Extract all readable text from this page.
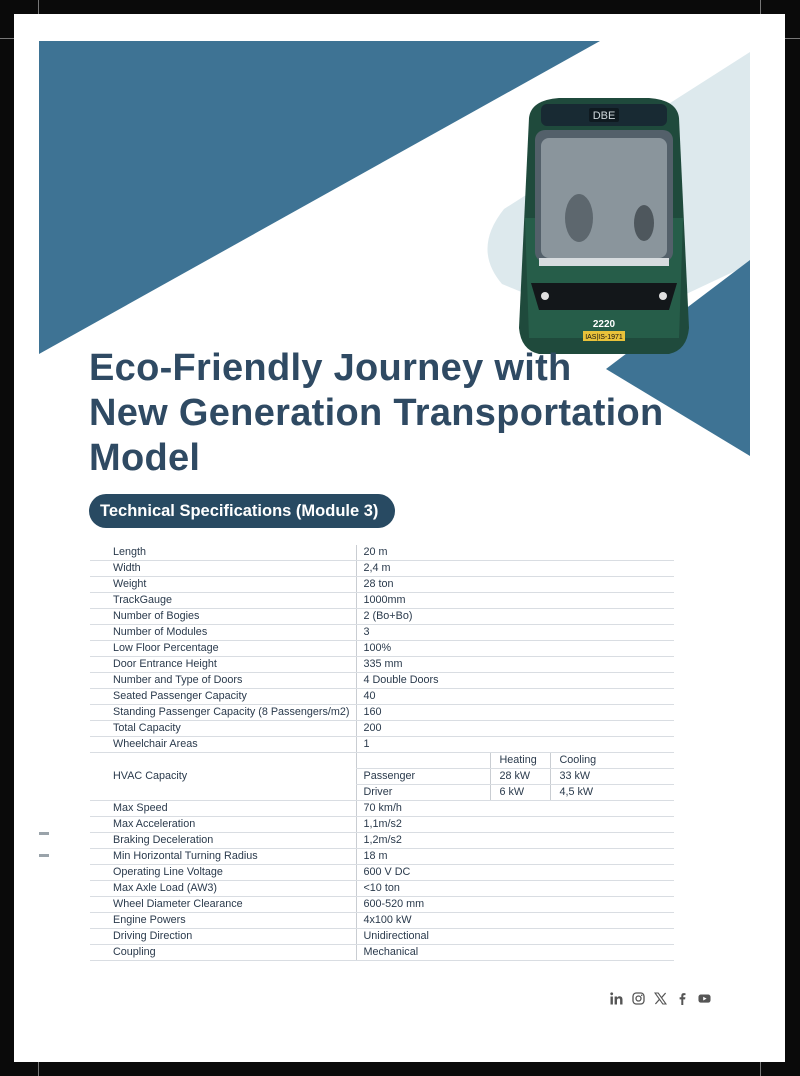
DBE
2220
IAS|IS-1971
Eco-Friendly Journey with
New Generation Transportation
Model
Technical Specifications (Module 3)
Length	20 m		
Width	2,4 m		
Weight	28 ton		
TrackGauge	1000mm		
Number of Bogies	2 (Bo+Bo)		
Number of Modules	3		
Low Floor Percentage	100%		
Door Entrance Height	335 mm		
Number and Type of Doors	4 Double Doors		
Seated Passenger Capacity	40		
Standing Passenger Capacity (8 Passengers/m2)	160		
Total Capacity	200		
Wheelchair Areas	1		
HVAC Capacity		Heating	Cooling
	Passenger	28 kW	33 kW
	Driver	6 kW	4,5 kW
Max Speed	70 km/h		
Max Acceleration	1,1m/s2		
Braking Deceleration	1,2m/s2		
Min Horizontal Turning Radius	18 m		
Operating Line Voltage	600 V DC		
Max Axle Load (AW3)	<10 ton		
Wheel Diameter Clearance	600-520 mm		
Engine Powers	4x100 kW		
Driving Direction	Unidirectional		
Coupling	Mechanical		
